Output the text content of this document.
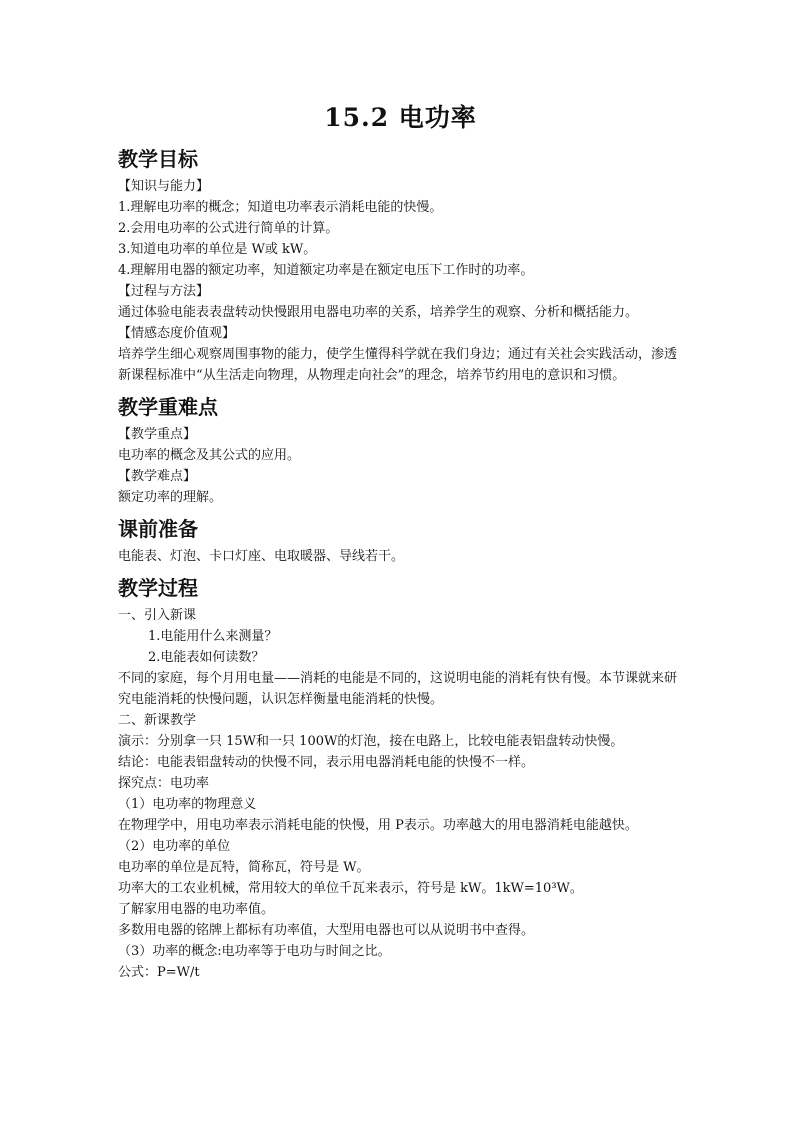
15.2 电功率
教学目标

【知识与能力】

1.理解电功率的概念；知道电功率表示消耗电能的快慢。

2.会用电功率的公式进行简单的计算。

3.知道电功率的单位是 W或 kW。

4.理解用电器的额定功率，知道额定功率是在额定电压下工作时的功率。

【过程与方法】

通过体验电能表表盘转动快慢跟用电器电功率的关系，培养学生的观察、分析和概括能力。

【情感态度价值观】

培养学生细心观察周围事物的能力，使学生懂得科学就在我们身边；通过有关社会实践活动，渗透新课程标准中“从生活走向物理，从物理走向社会”的理念，培养节约用电的意识和习惯。

教学重难点

【教学重点】

电功率的概念及其公式的应用。

【教学难点】

额定功率的理解。

课前准备

电能表、灯泡、卡口灯座、电取暖器、导线若干。

教学过程

一、引入新课

1.电能用什么来测量？

2.电能表如何读数？

不同的家庭，每个月用电量——消耗的电能是不同的，这说明电能的消耗有快有慢。本节课就来研究电能消耗的快慢问题，认识怎样衡量电能消耗的快慢。

二、新课教学

演示：分别拿一只 15W和一只 100W的灯泡，接在电路上，比较电能表铝盘转动快慢。

结论：电能表铝盘转动的快慢不同，表示用电器消耗电能的快慢不一样。

探究点：电功率

（1）电功率的物理意义

在物理学中，用电功率表示消耗电能的快慢，用 P表示。功率越大的用电器消耗电能越快。

（2）电功率的单位

电功率的单位是瓦特，简称瓦，符号是 W。

功率大的工农业机械，常用较大的单位千瓦来表示，符号是 kW。1kW=10³W。

了解家用电器的电功率值。

多数用电器的铭牌上都标有功率值，大型用电器也可以从说明书中查得。

（3）功率的概念:电功率等于电功与时间之比。

公式：P=W/t
